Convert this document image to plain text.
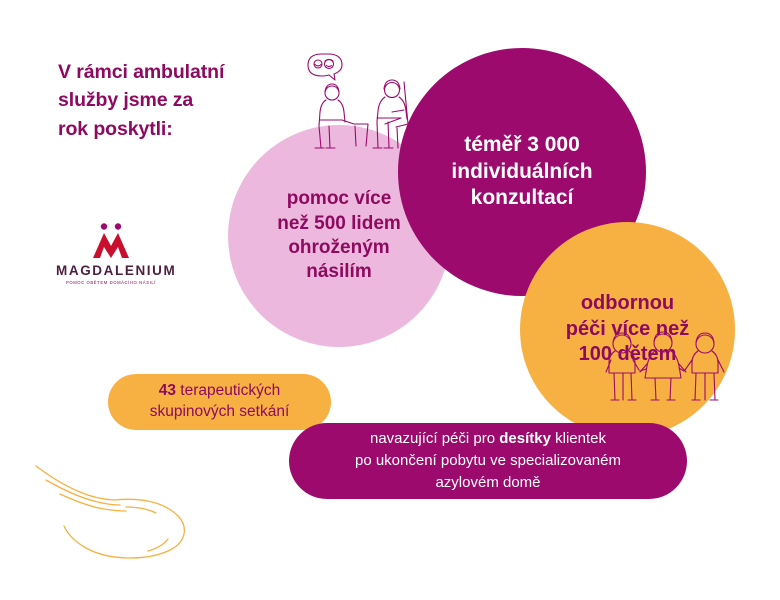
V rámci ambulatní
služby jsme za
rok poskytli:
MAGDALENIUM
POMOC OBĚTEM DOMÁCÍHO NÁSILÍ
pomoc více
než 500 lidem
ohroženým
násilím
téměř 3 000
individuálních
konzultací
odbornou
péči více než
100 dětem
43 terapeutických
skupinových setkání
navazující péči pro desítky klientek
po ukončení pobytu ve specializovaném
azylovém domě
